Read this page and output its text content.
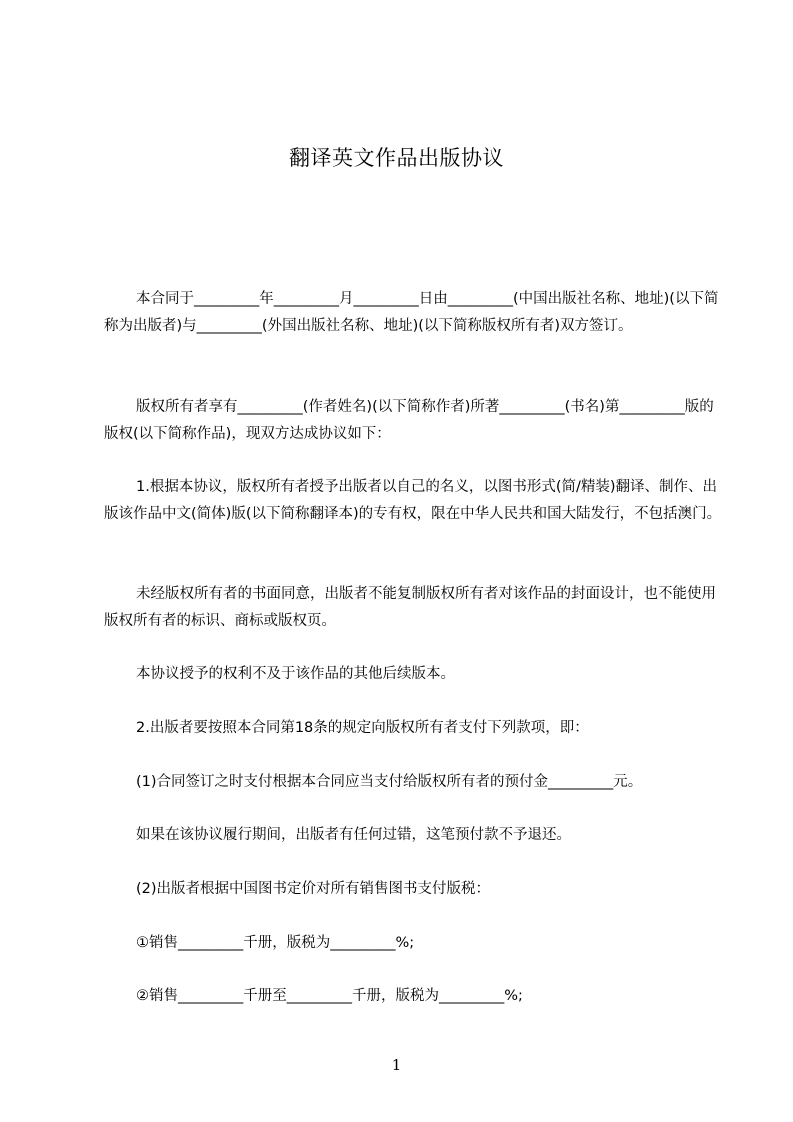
翻译英文作品出版协议

本合同于_________年_________月_________日由_________(中国出版社名称、地址)(以下简称为出版者)与_________(外国出版社名称、地址)(以下简称版权所有者)双方签订。

版权所有者享有_________(作者姓名)(以下简称作者)所著_________(书名)第_________版的版权(以下简称作品)，现双方达成协议如下：

1.根据本协议，版权所有者授予出版者以自己的名义，以图书形式(简/精装)翻译、制作、出版该作品中文(简体)版(以下简称翻译本)的专有权，限在中华人民共和国大陆发行，不包括澳门。

未经版权所有者的书面同意，出版者不能复制版权所有者对该作品的封面设计，也不能使用版权所有者的标识、商标或版权页。

本协议授予的权利不及于该作品的其他后续版本。

2.出版者要按照本合同第18条的规定向版权所有者支付下列款项，即：

(1)合同签订之时支付根据本合同应当支付给版权所有者的预付金_________元。

如果在该协议履行期间，出版者有任何过错，这笔预付款不予退还。

(2)出版者根据中国图书定价对所有销售图书支付版税：

①销售_________千册，版税为_________%;

②销售_________千册至_________千册，版税为_________%;

1
